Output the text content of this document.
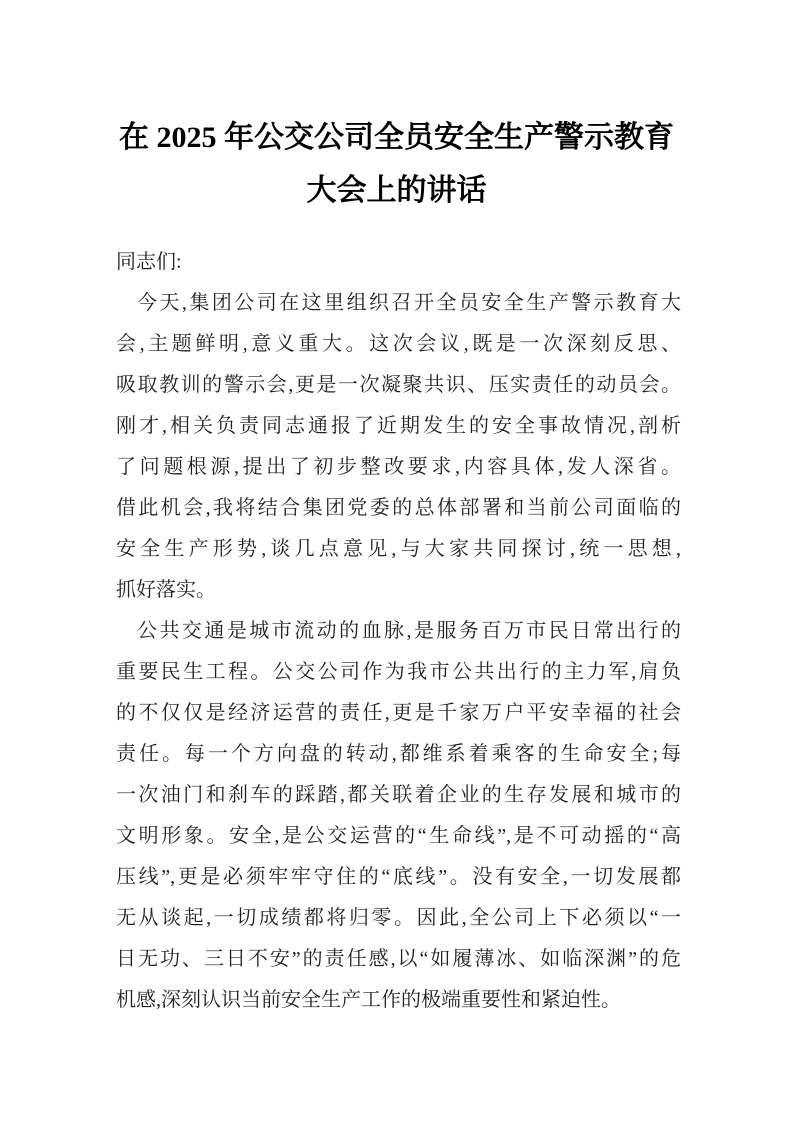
在 2025 年公交公司全员安全生产警示教育
大会上的讲话
同志们:
今天,集团公司在这里组织召开全员安全生产警示教育大
会,主题鲜明,意义重大。这次会议,既是一次深刻反思、
吸取教训的警示会,更是一次凝聚共识、压实责任的动员会。
刚才,相关负责同志通报了近期发生的安全事故情况,剖析
了问题根源,提出了初步整改要求,内容具体,发人深省。
借此机会,我将结合集团党委的总体部署和当前公司面临的
安全生产形势,谈几点意见,与大家共同探讨,统一思想,
抓好落实。
公共交通是城市流动的血脉,是服务百万市民日常出行的
重要民生工程。公交公司作为我市公共出行的主力军,肩负
的不仅仅是经济运营的责任,更是千家万户平安幸福的社会
责任。每一个方向盘的转动,都维系着乘客的生命安全;每
一次油门和刹车的踩踏,都关联着企业的生存发展和城市的
文明形象。安全,是公交运营的“生命线”,是不可动摇的“高
压线”,更是必须牢牢守住的“底线”。没有安全,一切发展都
无从谈起,一切成绩都将归零。因此,全公司上下必须以“一
日无功、三日不安”的责任感,以“如履薄冰、如临深渊”的危
机感,深刻认识当前安全生产工作的极端重要性和紧迫性。
